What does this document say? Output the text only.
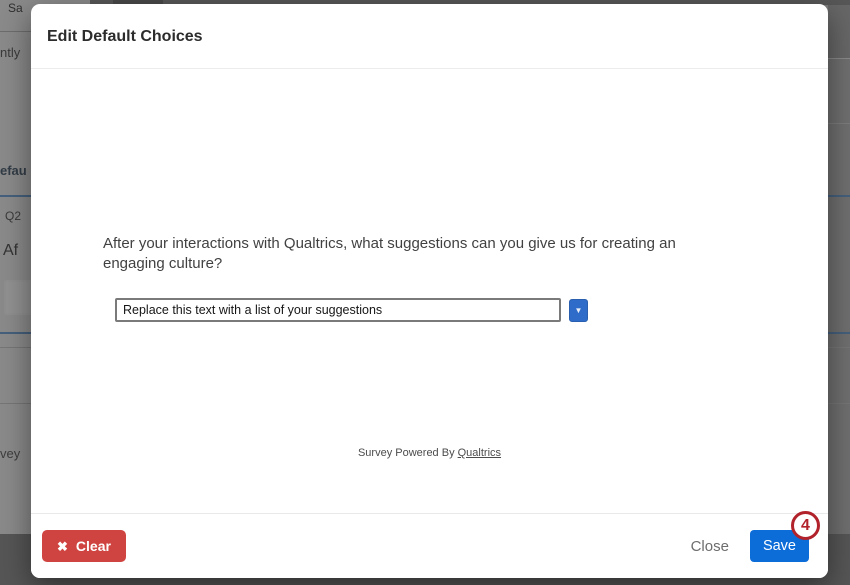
Sa
ntly
efau
Q2
Af
vey
Edit Default Choices
After your interactions with Qualtrics, what suggestions can you give us for creating an engaging culture?
Replace this text with a list of your suggestions
▼
Survey Powered By Qualtrics
✖ Clear	Close	Save
4
